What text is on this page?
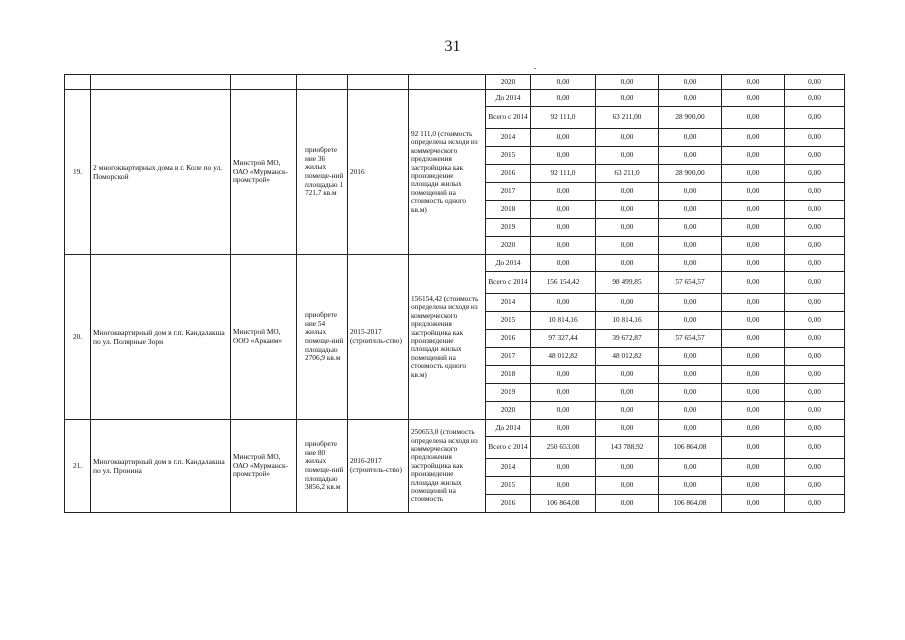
31
-
						2020	0,00	0,00	0,00	0,00	0,00
19.	2 многоквартирных дома в г. Коле по ул. Поморской	Минстрой МО, ОАО «Мурманск-промстрой»	приобрете ние 36 жилых помеще-ний площадью 1 721,7 кв.м	2016	92 111,0 (стоимость определена исходя из коммерческого предложения застройщика как произведение площади жилых помещений на стоимость одного кв.м)	До 2014	0,00	0,00	0,00	0,00	0,00
						Всего с 2014	92 111,0	63 211,00	28 900,00	0,00	0,00
						2014	0,00	0,00	0,00	0,00	0,00
						2015	0,00	0,00	0,00	0,00	0,00
						2016	92 111,0	63 211,0	28 900,00	0,00	0,00
						2017	0,00	0,00	0,00	0,00	0,00
						2018	0,00	0,00	0,00	0,00	0,00
						2019	0,00	0,00	0,00	0,00	0,00
						2020	0,00	0,00	0,00	0,00	0,00
20.	Многоквартирный дом в г.п. Кандалакша по ул. Полярные Зори	Минстрой МО, ООО «Аркаим»	приобрете ние 54 жилых помеще-ний площадью 2706,9 кв.м	2015-2017 (строитель-ство)	156154,42 (стоимость определена исходя из коммерческого предложения застройщика как произведение площади жилых помещений на стоимость одного кв.м)	До 2014	0,00	0,00	0,00	0,00	0,00
						Всего с 2014	156 154,42	98 499,85	57 654,57	0,00	0,00
						2014	0,00	0,00	0,00	0,00	0,00
						2015	10 814,16	10 814,16	0,00	0,00	0,00
						2016	97 327,44	39 672,87	57 654,57	0,00	0,00
						2017	48 012,82	48 012,82	0,00	0,00	0,00
						2018	0,00	0,00	0,00	0,00	0,00
						2019	0,00	0,00	0,00	0,00	0,00
						2020	0,00	0,00	0,00	0,00	0,00
21.	Многоквартирный дом в г.п. Кандалакша по ул. Пронина	Минстрой МО, ОАО «Мурманск-промстрой»	приобрете ние 80 жилых помеще-ний площадью 3856,2 кв.м	2016-2017 (строитель-ство)	250653,0 (стоимость определена исходя из коммерческого предложения застройщика как произведение площади жилых помещений на стоимость	До 2014	0,00	0,00	0,00	0,00	0,00
						Всего с 2014	250 653,00	143 788,92	106 864,08	0,00	0,00
						2014	0,00	0,00	0,00	0,00	0,00
						2015	0,00	0,00	0,00	0,00	0,00
						2016	106 864,08	0,00	106 864,08	0,00	0,00
